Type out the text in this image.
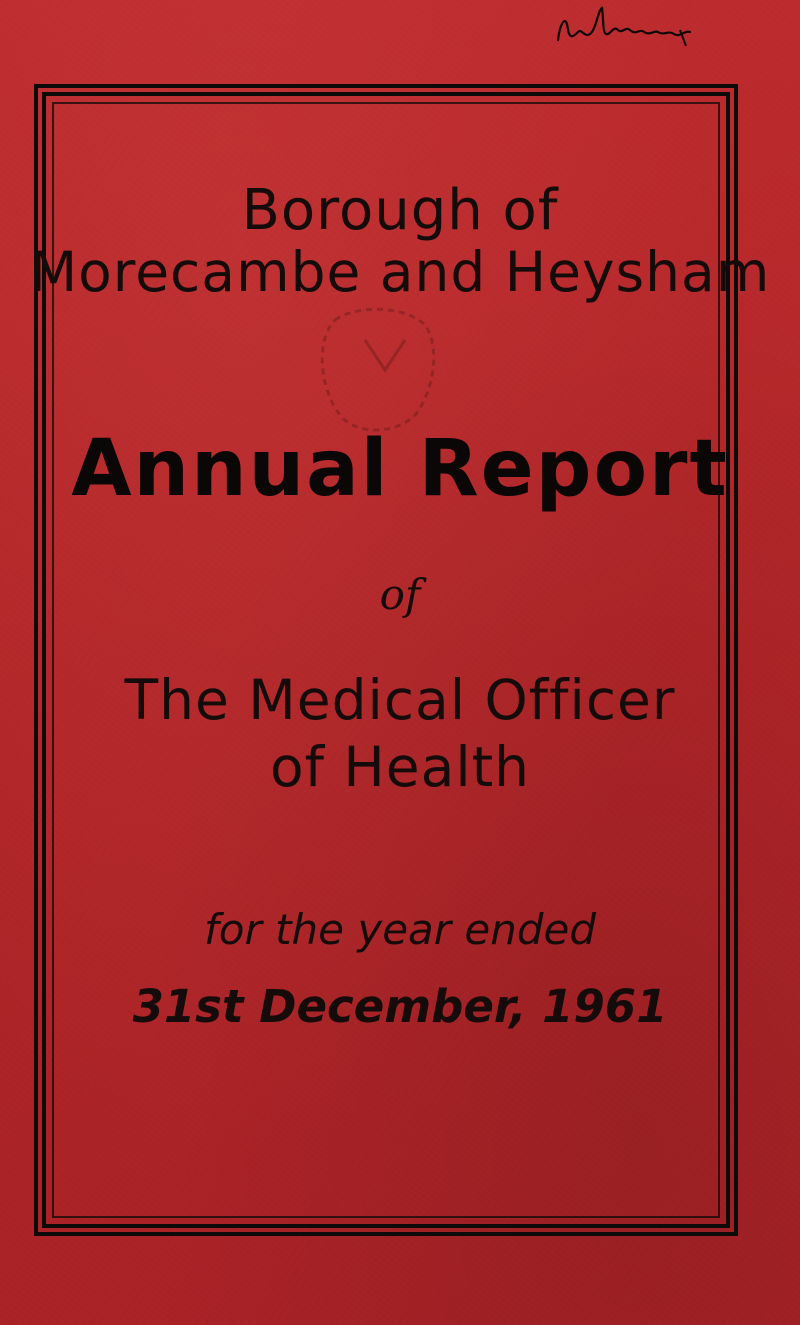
Borough of

Morecambe and Heysham

Annual Report

of

The Medical Officer

of Health

for the year ended

31st December, 1961
